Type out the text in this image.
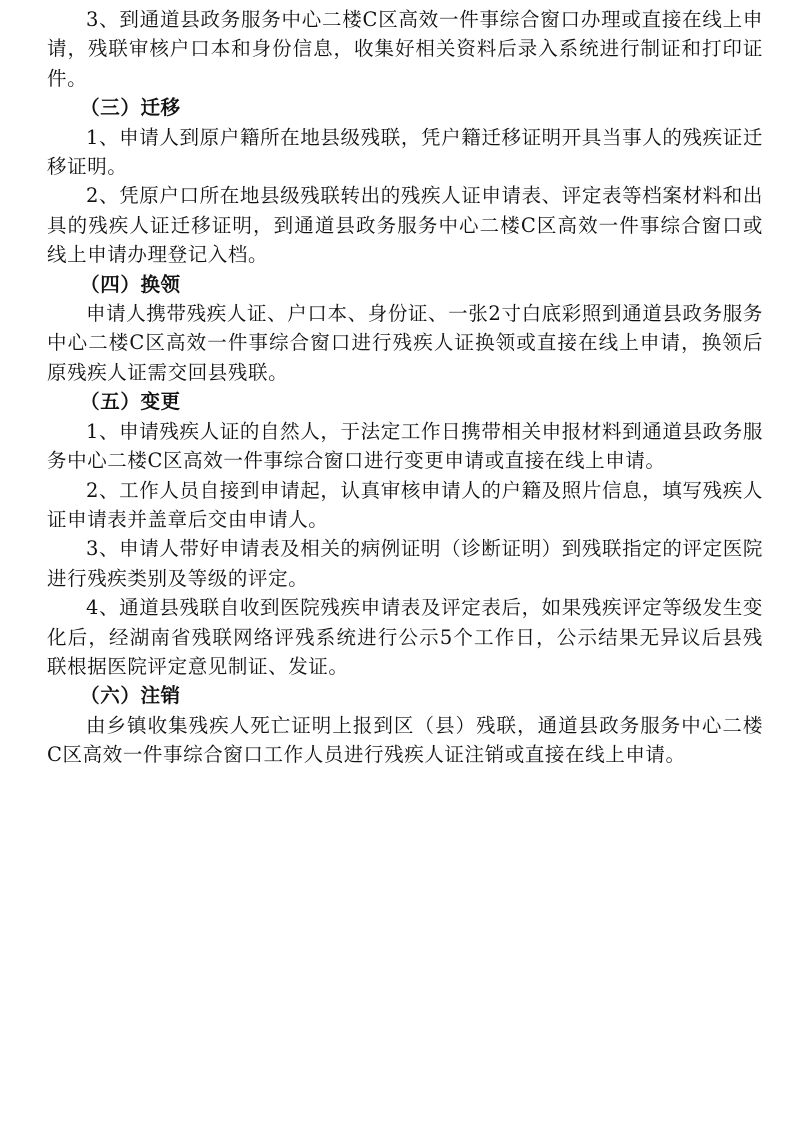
3、到通道县政务服务中心二楼C区高效一件事综合窗口办理或直接在线上申请，残联审核户口本和身份信息，收集好相关资料后录入系统进行制证和打印证件。

（三）迁移

1、申请人到原户籍所在地县级残联，凭户籍迁移证明开具当事人的残疾证迁移证明。

2、凭原户口所在地县级残联转出的残疾人证申请表、评定表等档案材料和出具的残疾人证迁移证明，到通道县政务服务中心二楼C区高效一件事综合窗口或线上申请办理登记入档。

（四）换领

申请人携带残疾人证、户口本、身份证、一张2寸白底彩照到通道县政务服务中心二楼C区高效一件事综合窗口进行残疾人证换领或直接在线上申请，换领后原残疾人证需交回县残联。

（五）变更

1、申请残疾人证的自然人，于法定工作日携带相关申报材料到通道县政务服务中心二楼C区高效一件事综合窗口进行变更申请或直接在线上申请。

2、工作人员自接到申请起，认真审核申请人的户籍及照片信息，填写残疾人证申请表并盖章后交由申请人。

3、申请人带好申请表及相关的病例证明（诊断证明）到残联指定的评定医院进行残疾类别及等级的评定。

4、通道县残联自收到医院残疾申请表及评定表后，如果残疾评定等级发生变化后，经湖南省残联网络评残系统进行公示5个工作日，公示结果无异议后县残联根据医院评定意见制证、发证。

（六）注销

由乡镇收集残疾人死亡证明上报到区（县）残联，通道县政务服务中心二楼C区高效一件事综合窗口工作人员进行残疾人证注销或直接在线上申请。
